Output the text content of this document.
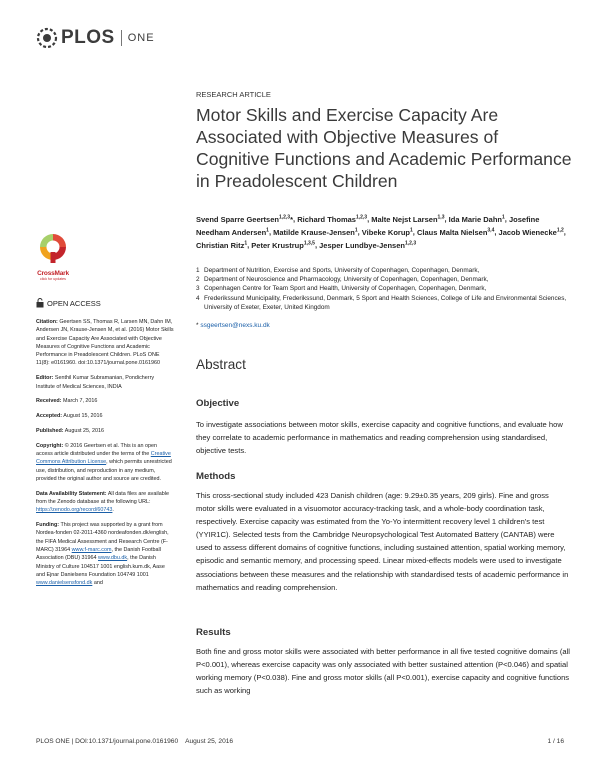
PLOS ONE
RESEARCH ARTICLE
Motor Skills and Exercise Capacity Are Associated with Objective Measures of Cognitive Functions and Academic Performance in Preadolescent Children
Svend Sparre Geertsen$^{1,2,3}$*, Richard Thomas$^{1,2,3}$, Malte Nejst Larsen$^{1,3}$, Ida Marie Dahn$^1$, Josefine Needham Andersen$^1$, Matilde Krause-Jensen$^1$, Vibeke Korup$^1$, Claus Malta Nielsen$^{3,4}$, Jacob Wienecke$^{1,2}$, Christian Ritz$^1$, Peter Krustrup$^{1,3,5}$, Jesper Lundbye-Jensen$^{1,2,3}$
1 Department of Nutrition, Exercise and Sports, University of Copenhagen, Copenhagen, Denmark,
2 Department of Neuroscience and Pharmacology, University of Copenhagen, Copenhagen, Denmark,
3 Copenhagen Centre for Team Sport and Health, University of Copenhagen, Copenhagen, Denmark,
4 Frederikssund Municipality, Frederikssund, Denmark, 5 Sport and Health Sciences, College of Life and Environmental Sciences, University of Exeter, Exeter, United Kingdom
* ssgeertsen@nexs.ku.dk
CrossMark
click for updates
OPEN ACCESS

Citation: Geertsen SS, Thomas R, Larsen MN, Dahn IM, Andersen JN, Krause-Jensen M, et al. (2016) Motor Skills and Exercise Capacity Are Associated with Objective Measures of Cognitive Functions and Academic Performance in Preadolescent Children. PLoS ONE 11(8): e0161960. doi:10.1371/journal.pone.0161960

Editor: Senthil Kumar Subramanian, Pondicherry Institute of Medical Sciences, INDIA

Received: March 7, 2016

Accepted: August 15, 2016

Published: August 25, 2016

Copyright: © 2016 Geertsen et al. This is an open access article distributed under the terms of the Creative Commons Attribution License, which permits unrestricted use, distribution, and reproduction in any medium, provided the original author and source are credited.

Data Availability Statement: All data files are available from the Zenodo database at the following URL: https://zenodo.org/record/60743.

Funding: This project was supported by a grant from Nordea-fonden 02-2011-4360 nordeafonden.dk/english, the FIFA Medical Assessment and Research Centre (F-MARC) 31964 www.f-marc.com, the Danish Football Association (DBU) 31964 www.dbu.dk, the Danish Ministry of Culture 104517 1001 english.kum.dk, Aase and Ejnar Danielsens Foundation 104749 1001 www.danielsensfond.dk and

Abstract
Objective

To investigate associations between motor skills, exercise capacity and cognitive functions, and evaluate how they correlate to academic performance in mathematics and reading comprehension using standardised, objective tests.

Methods

This cross-sectional study included 423 Danish children (age: 9.29±0.35 years, 209 girls). Fine and gross motor skills were evaluated in a visuomotor accuracy-tracking task, and a whole-body coordination task, respectively. Exercise capacity was estimated from the Yo-Yo intermittent recovery level 1 children's test (YYIR1C). Selected tests from the Cambridge Neuropsychological Test Automated Battery (CANTAB) were used to assess different domains of cognitive functions, including sustained attention, spatial working memory, episodic and semantic memory, and processing speed. Linear mixed-effects models were used to investigate associations between these measures and the relationship with standardised tests of academic performance in mathematics and reading comprehension.

Results

Both fine and gross motor skills were associated with better performance in all five tested cognitive domains (all P<0.001), whereas exercise capacity was only associated with better sustained attention (P<0.046) and spatial working memory (P<0.038). Fine and gross motor skills (all P<0.001), exercise capacity and cognitive functions such as working

PLOS ONE | DOI:10.1371/journal.pone.0161960    August 25, 2016	1 / 16
